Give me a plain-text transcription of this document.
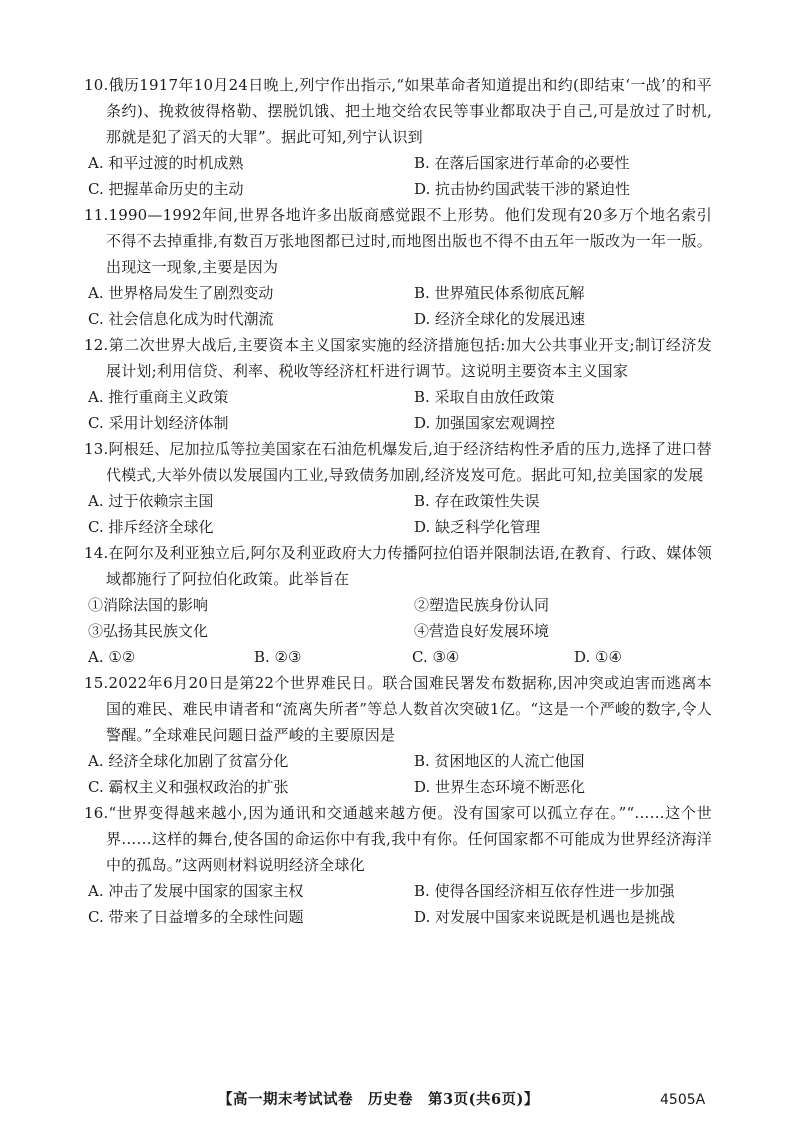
10.俄历1917年10月24日晚上,列宁作出指示,“如果革命者知道提出和约(即结束‘一战’的和平条约)、挽救彼得格勒、摆脱饥饿、把土地交给农民等事业都取决于自己,可是放过了时机,那就是犯了滔天的大罪”。据此可知,列宁认识到

A. 和平过渡的时机成熟	B. 在落后国家进行革命的必要性
C. 把握革命历史的主动	D. 抗击协约国武装干涉的紧迫性

11.1990—1992年间,世界各地许多出版商感觉跟不上形势。他们发现有20多万个地名索引不得不去掉重排,有数百万张地图都已过时,而地图出版也不得不由五年一版改为一年一版。出现这一现象,主要是因为

A. 世界格局发生了剧烈变动	B. 世界殖民体系彻底瓦解
C. 社会信息化成为时代潮流	D. 经济全球化的发展迅速

12.第二次世界大战后,主要资本主义国家实施的经济措施包括:加大公共事业开支;制订经济发展计划;利用信贷、利率、税收等经济杠杆进行调节。这说明主要资本主义国家

A. 推行重商主义政策	B. 采取自由放任政策
C. 采用计划经济体制	D. 加强国家宏观调控

13.阿根廷、尼加拉瓜等拉美国家在石油危机爆发后,迫于经济结构性矛盾的压力,选择了进口替代模式,大举外债以发展国内工业,导致债务加剧,经济岌岌可危。据此可知,拉美国家的发展

A. 过于依赖宗主国	B. 存在政策性失误
C. 排斥经济全球化	D. 缺乏科学化管理

14.在阿尔及利亚独立后,阿尔及利亚政府大力传播阿拉伯语并限制法语,在教育、行政、媒体领域都施行了阿拉伯化政策。此举旨在

①消除法国的影响	②塑造民族身份认同
③弘扬其民族文化	④营造良好发展环境
A. ①②	B. ②③	C. ③④	D. ①④

15.2022年6月20日是第22个世界难民日。联合国难民署发布数据称,因冲突或迫害而逃离本国的难民、难民申请者和“流离失所者”等总人数首次突破1亿。“这是一个严峻的数字,令人警醒。”全球难民问题日益严峻的主要原因是

A. 经济全球化加剧了贫富分化	B. 贫困地区的人流亡他国
C. 霸权主义和强权政治的扩张	D. 世界生态环境不断恶化

16.“世界变得越来越小,因为通讯和交通越来越方便。没有国家可以孤立存在。”“……这个世界……这样的舞台,使各国的命运你中有我,我中有你。任何国家都不可能成为世界经济海洋中的孤岛。”这两则材料说明经济全球化

A. 冲击了发展中国家的国家主权	B. 使得各国经济相互依存性进一步加强
C. 带来了日益增多的全球性问题	D. 对发展中国家来说既是机遇也是挑战
【高一期末考试试卷　历史卷　第3页(共6页)】	4505A
